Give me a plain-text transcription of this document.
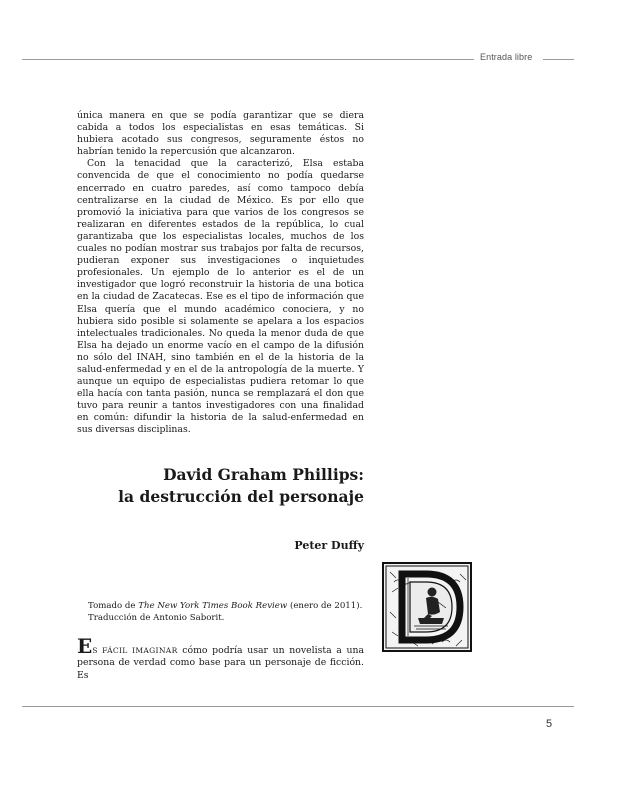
Entrada libre

única manera en que se podía garantizar que se diera cabida a todos los especialistas en esas temáticas. Si hubiera acotado sus congresos, seguramente éstos no habrían tenido la repercusión que alcanzaron.

Con la tenacidad que la caracterizó, Elsa estaba convencida de que el conocimiento no podía quedarse encerrado en cuatro paredes, así como tampoco debía centralizarse en la ciudad de México. Es por ello que promovió la iniciativa para que varios de los congresos se realizaran en diferentes estados de la república, lo cual garantizaba que los especialistas locales, muchos de los cuales no podían mostrar sus trabajos por falta de recursos, pudieran exponer sus investigaciones o inquietudes profesionales. Un ejemplo de lo anterior es el de un investigador que logró reconstruir la historia de una botica en la ciudad de Zacatecas. Ese es el tipo de información que Elsa quería que el mundo académico conociera, y no hubiera sido posible si solamente se apelara a los espacios intelectuales tradicionales. No queda la menor duda de que Elsa ha dejado un enorme vacío en el campo de la difusión no sólo del INAH, sino también en el de la historia de la salud-enfermedad y en el de la antropología de la muerte. Y aunque un equipo de especialistas pudiera retomar lo que ella hacía con tanta pasión, nunca se remplazará el don que tuvo para reunir a tantos investigadores con una finalidad en común: difundir la historia de la salud-enfermedad en sus diversas disciplinas.

David Graham Phillips:
la destrucción del personaje

Peter Duffy

Tomado de The New York Times Book Review (enero de 2011).
Traducción de Antonio Saborit.

ES FÁCIL IMAGINAR cómo podría usar un novelista a una persona de verdad como base para un personaje de ficción. Es

5
